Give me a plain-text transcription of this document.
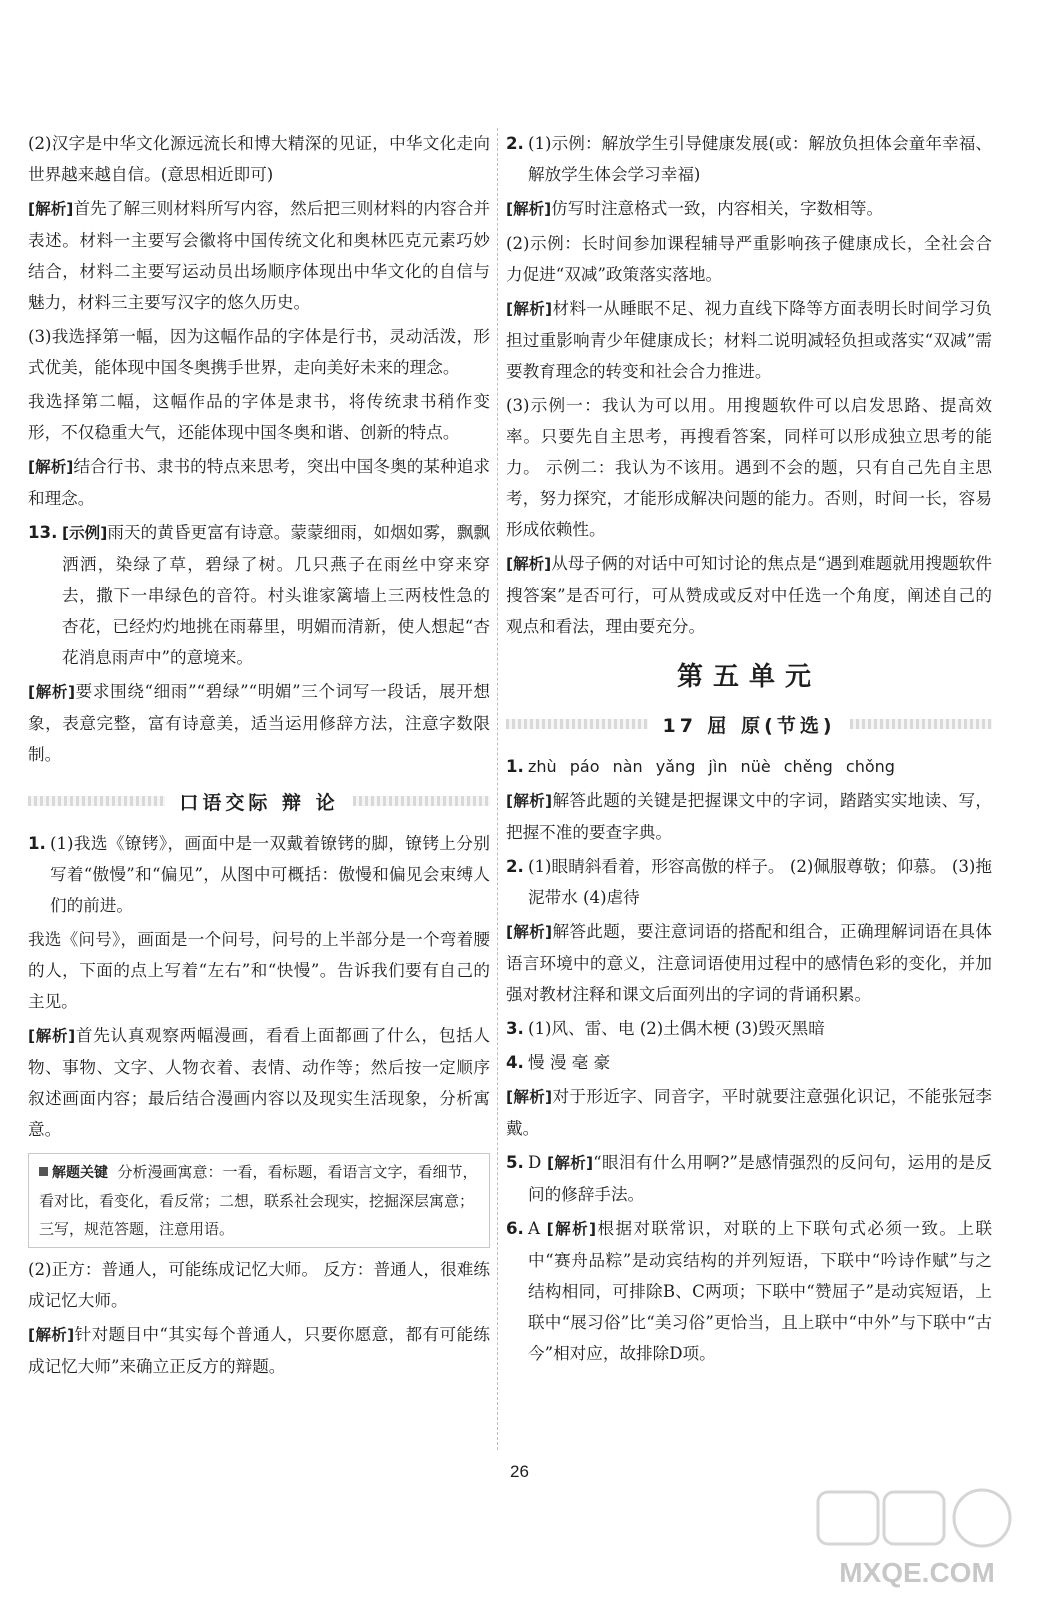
(2)汉字是中华文化源远流长和博大精深的见证，中华文化走向世界越来越自信。(意思相近即可)

[解析]首先了解三则材料所写内容，然后把三则材料的内容合并表述。材料一主要写会徽将中国传统文化和奥林匹克元素巧妙结合，材料二主要写运动员出场顺序体现出中华文化的自信与魅力，材料三主要写汉字的悠久历史。

(3)我选择第一幅，因为这幅作品的字体是行书，灵动活泼，形式优美，能体现中国冬奥携手世界，走向美好未来的理念。

我选择第二幅，这幅作品的字体是隶书，将传统隶书稍作变形，不仅稳重大气，还能体现中国冬奥和谐、创新的特点。

[解析]结合行书、隶书的特点来思考，突出中国冬奥的某种追求和理念。

13. [示例]雨天的黄昏更富有诗意。蒙蒙细雨，如烟如雾，飘飘洒洒，染绿了草，碧绿了树。几只燕子在雨丝中穿来穿去，撒下一串绿色的音符。村头谁家篱墙上三两枝性急的杏花，已经灼灼地挑在雨幕里，明媚而清新，使人想起“杏花消息雨声中”的意境来。

[解析]要求围绕“细雨”“碧绿”“明媚”三个词写一段话，展开想象，表意完整，富有诗意美，适当运用修辞方法，注意字数限制。

口语交际 辩 论
1. (1)我选《镣铐》，画面中是一双戴着镣铐的脚，镣铐上分别写着“傲慢”和“偏见”，从图中可概括：傲慢和偏见会束缚人们的前进。

我选《问号》，画面是一个问号，问号的上半部分是一个弯着腰的人，下面的点上写着“左右”和“快慢”。告诉我们要有自己的主见。

[解析]首先认真观察两幅漫画，看看上面都画了什么，包括人物、事物、文字、人物衣着、表情、动作等；然后按一定顺序叙述画面内容；最后结合漫画内容以及现实生活现象，分析寓意。

解题关键 分析漫画寓意：一看，看标题，看语言文字，看细节，看对比，看变化，看反常；二想，联系社会现实，挖掘深层寓意；三写，规范答题，注意用语。

(2)正方：普通人，可能练成记忆大师。 反方：普通人，很难练成记忆大师。

[解析]针对题目中“其实每个普通人，只要你愿意，都有可能练成记忆大师”来确立正反方的辩题。

2. (1)示例：解放学生引导健康发展(或：解放负担体会童年幸福、解放学生体会学习幸福)

[解析]仿写时注意格式一致，内容相关，字数相等。

(2)示例：长时间参加课程辅导严重影响孩子健康成长，全社会合力促进“双减”政策落实落地。

[解析]材料一从睡眠不足、视力直线下降等方面表明长时间学习负担过重影响青少年健康成长；材料二说明减轻负担或落实“双减”需要教育理念的转变和社会合力推进。

(3)示例一：我认为可以用。用搜题软件可以启发思路、提高效率。只要先自主思考，再搜看答案，同样可以形成独立思考的能力。 示例二：我认为不该用。遇到不会的题，只有自己先自主思考，努力探究，才能形成解决问题的能力。否则，时间一长，容易形成依赖性。

[解析]从母子俩的对话中可知讨论的焦点是“遇到难题就用搜题软件搜答案”是否可行，可从赞成或反对中任选一个角度，阐述自己的观点和看法，理由要充分。

第五单元
17 屈 原(节选)
1. zhù páo nàn yǎng jìn nüè chěng chǒng

[解析]解答此题的关键是把握课文中的字词，踏踏实实地读、写，把握不准的要查字典。

2. (1)眼睛斜看着，形容高傲的样子。 (2)佩服尊敬；仰慕。 (3)拖泥带水 (4)虐待

[解析]解答此题，要注意词语的搭配和组合，正确理解词语在具体语言环境中的意义，注意词语使用过程中的感情色彩的变化，并加强对教材注释和课文后面列出的字词的背诵积累。

3. (1)风、雷、电 (2)土偶木梗 (3)毁灭黑暗

4. 慢 漫 毫 豪

[解析]对于形近字、同音字，平时就要注意强化识记，不能张冠李戴。

5. D [解析]“眼泪有什么用啊?”是感情强烈的反问句，运用的是反问的修辞手法。

6. A [解析]根据对联常识，对联的上下联句式必须一致。上联中“赛舟品粽”是动宾结构的并列短语，下联中“吟诗作赋”与之结构相同，可排除B、C两项；下联中“赞屈子”是动宾短语，上联中“展习俗”比“美习俗”更恰当，且上联中“中外”与下联中“古今”相对应，故排除D项。

26
MXQE.COM
